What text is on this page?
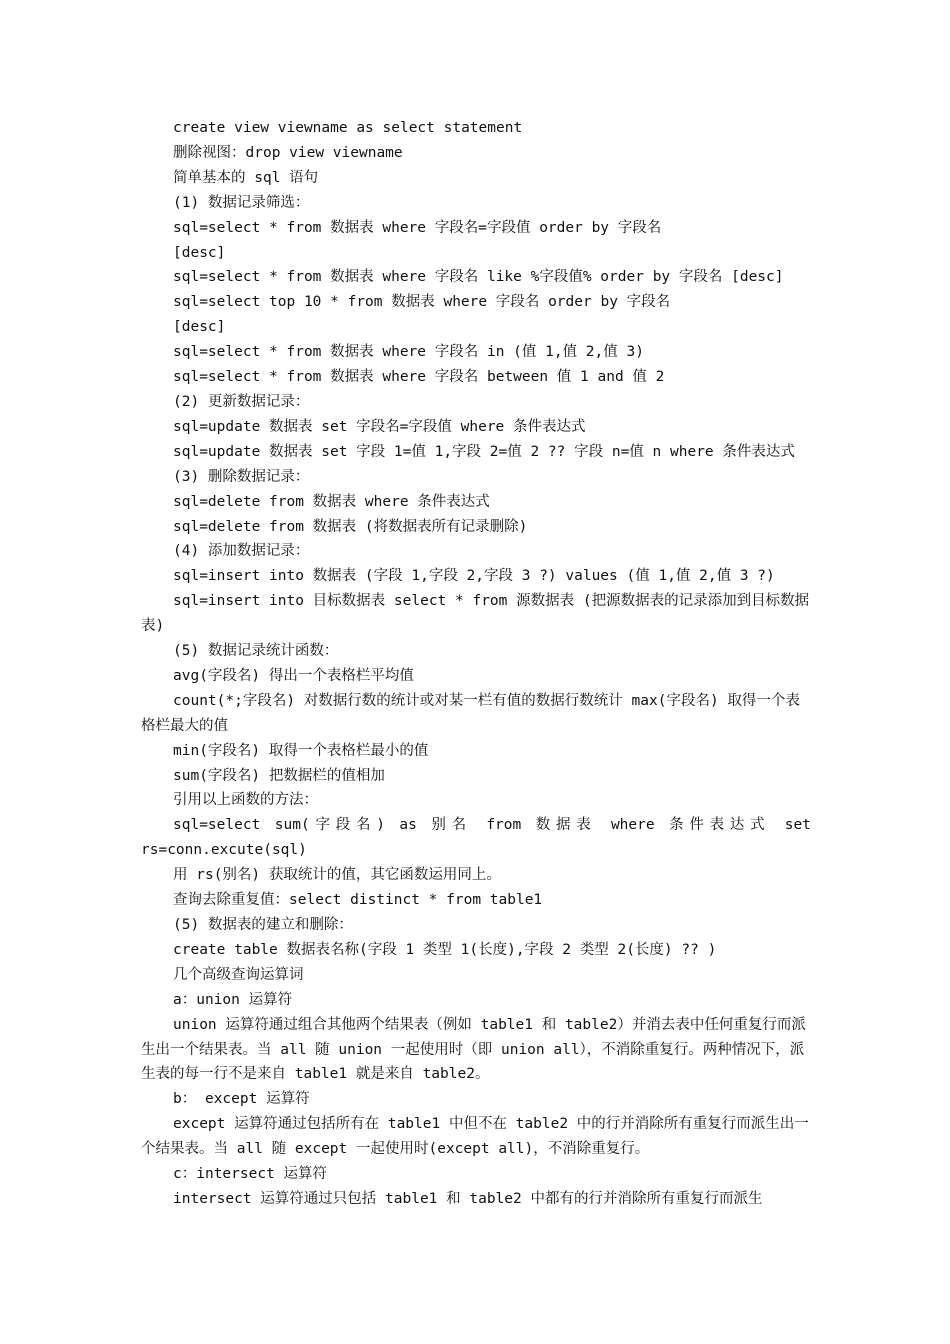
create view viewname as select statement

删除视图：drop view viewname

简单基本的 sql 语句

(1) 数据记录筛选：

sql=select * from 数据表 where 字段名=字段值 order by 字段名

[desc]

sql=select * from 数据表 where 字段名 like %字段值% order by 字段名 [desc]

sql=select top 10 * from 数据表 where 字段名 order by 字段名

[desc]

sql=select * from 数据表 where 字段名 in (值 1,值 2,值 3)

sql=select * from 数据表 where 字段名 between 值 1 and 值 2

(2) 更新数据记录：

sql=update 数据表 set 字段名=字段值 where 条件表达式

sql=update 数据表 set 字段 1=值 1,字段 2=值 2 ?? 字段 n=值 n where 条件表达式

(3) 删除数据记录：

sql=delete from 数据表 where 条件表达式

sql=delete from 数据表 (将数据表所有记录删除)

(4) 添加数据记录：

sql=insert into 数据表 (字段 1,字段 2,字段 3 ?) values (值 1,值 2,值 3 ?)

sql=insert into 目标数据表 select * from 源数据表 (把源数据表的记录添加到目标数据表)

(5) 数据记录统计函数：

avg(字段名) 得出一个表格栏平均值

count(*;字段名) 对数据行数的统计或对某一栏有值的数据行数统计 max(字段名) 取得一个表格栏最大的值

min(字段名) 取得一个表格栏最小的值

sum(字段名) 把数据栏的值相加

引用以上函数的方法：

sql=select sum(字段名) as 别名 from 数据表 where 条件表达式 set

rs=conn.excute(sql)

用 rs(别名) 获取统计的值，其它函数运用同上。

查询去除重复值：select distinct * from table1

(5) 数据表的建立和删除：

create table 数据表名称(字段 1 类型 1(长度),字段 2 类型 2(长度) ?? )

几个高级查询运算词

a：union 运算符

union 运算符通过组合其他两个结果表（例如 table1 和 table2）并消去表中任何重复行而派生出一个结果表。当 all 随 union 一起使用时（即 union all），不消除重复行。两种情况下，派生表的每一行不是来自 table1 就是来自 table2。

b： except 运算符

except 运算符通过包括所有在 table1 中但不在 table2 中的行并消除所有重复行而派生出一个结果表。当 all 随 except 一起使用时(except all)，不消除重复行。

c：intersect 运算符

intersect 运算符通过只包括 table1 和 table2 中都有的行并消除所有重复行而派生
